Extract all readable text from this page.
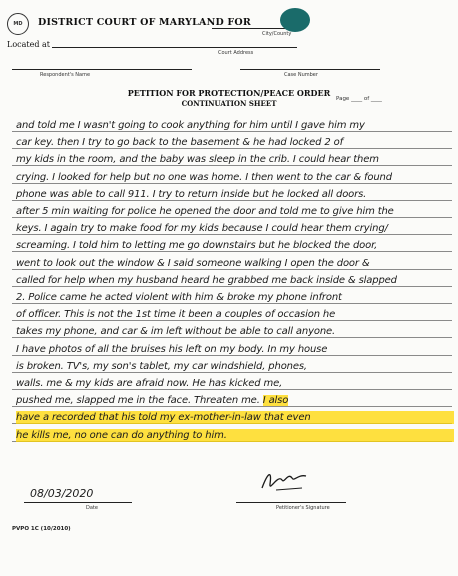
MD DISTRICT COURT OF MARYLAND FOR
City/County
Located at
Court Address
Respondent's Name	Case Number
PETITION FOR PROTECTION/PEACE ORDER
CONTINUATION SHEET	Page ____ of ____
and told me I wasn't going to cook anything for him until I gave him my
car key. then I try to go back to the basement & he had locked 2 of
my kids in the room, and the baby was sleep in the crib. I could hear them
crying. I looked for help but no one was home. I then went to the car & found
phone was able to call 911. I try to return inside but he locked all doors.
after 5 min waiting for police he opened the door and told me to give him the
keys. I again try to make food for my kids because I could hear them crying/
screaming. I told him to letting me go downstairs but he blocked the door,
went to look out the window & I said someone walking I open the door &
called for help when my husband heard he grabbed me back inside & slapped
2. Police came he acted violent with him & broke my phone infront
of officer. This is not the 1st time it been a couples of occasion he
takes my phone, and car & im left without be able to call anyone.
I have photos of all the bruises his left on my body. In my house
is broken. TV's, my son's tablet, my car windshield, phones,
walls. me & my kids are afraid now. He has kicked me,
pushed me, slapped me in the face. Threaten me. I also
have a recorded that his told my ex-mother-in-law that even
he kills me, no one can do anything to him.
08/03/2020
Date	Petitioner's Signature
PVPO 1C (10/2010)
